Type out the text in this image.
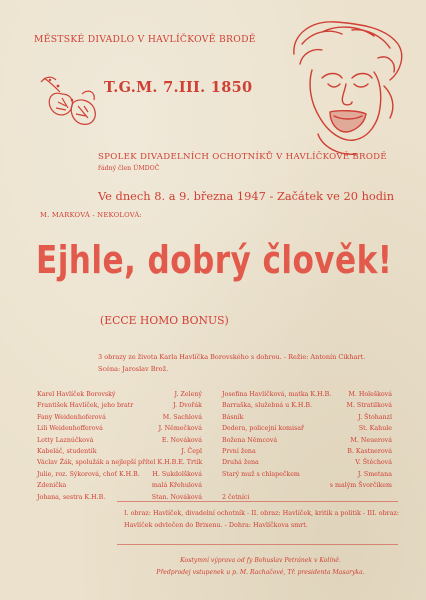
MĚSTSKÉ DIVADLO V HAVLÍČKOVĚ BRODĚ
T.G.M. 7.III. 1850
SPOLEK DIVADELNÍCH OCHOTNÍKŮ V HAVLÍČKOVĚ BRODĚ
řádný člen ÚMDOČ
Ve dnech 8. a 9. března 1947 - Začátek ve 20 hodin
M. MARKOVÁ - NEKOLOVÁ:
Ejhle, dobrý člověk!
(ECCE HOMO BONUS)
3 obrazy ze života Karla Havlíčka Borovského s dohrou. - Režie: Antonín Cikhart.
Scéna: Jaroslav Brož.
Karel Havlíček Borovský	J. Zelený
František Havlíček, jeho bratr	J. Dvořák
Fany Weidenhoferová	M. Sachlová
Lili Weidenhofferová	J. Němečková
Lotty Laznúčková	E. Nováková
Kabeláč, studentík	J. Čepl
Václav Žák, spolužák a nejlepší přítel K.H.B. E. Trtík
Julie, roz. Sýkorová, choť K.H.B. H. Sukdolšková
Zdenička	malá Křehulová
Johana, sestra K.H.B.	Stan. Nováková
Josefina Havlíčková, matka K.H.B.	M. Holešková
Barraška, služebná u K.H.B.	M. Stratilková
Básník	J. Štohanzl
Dedera, policejní komisař	St. Kahule
Božena Němcová	M. Neuerová
První žena	B. Kastnerová
Druhá žena	V. Štěchová
Starý muž s chlapečkem	J. Smetana
s malým Švorčíkem
2 četníci
I. obraz: Havlíček, divadelní ochotník - II. obraz: Havlíček, kritik a politik - III. obraz:
Havlíček odvlečen do Brixenu. - Dohra: Havlíčkova smrt.
Kostymní výprava od fy Bohuslav Petránek v Kolíně.
Předprodej vstupenek u p. M. Rachačové, Tř. presidenta Masaryka.
